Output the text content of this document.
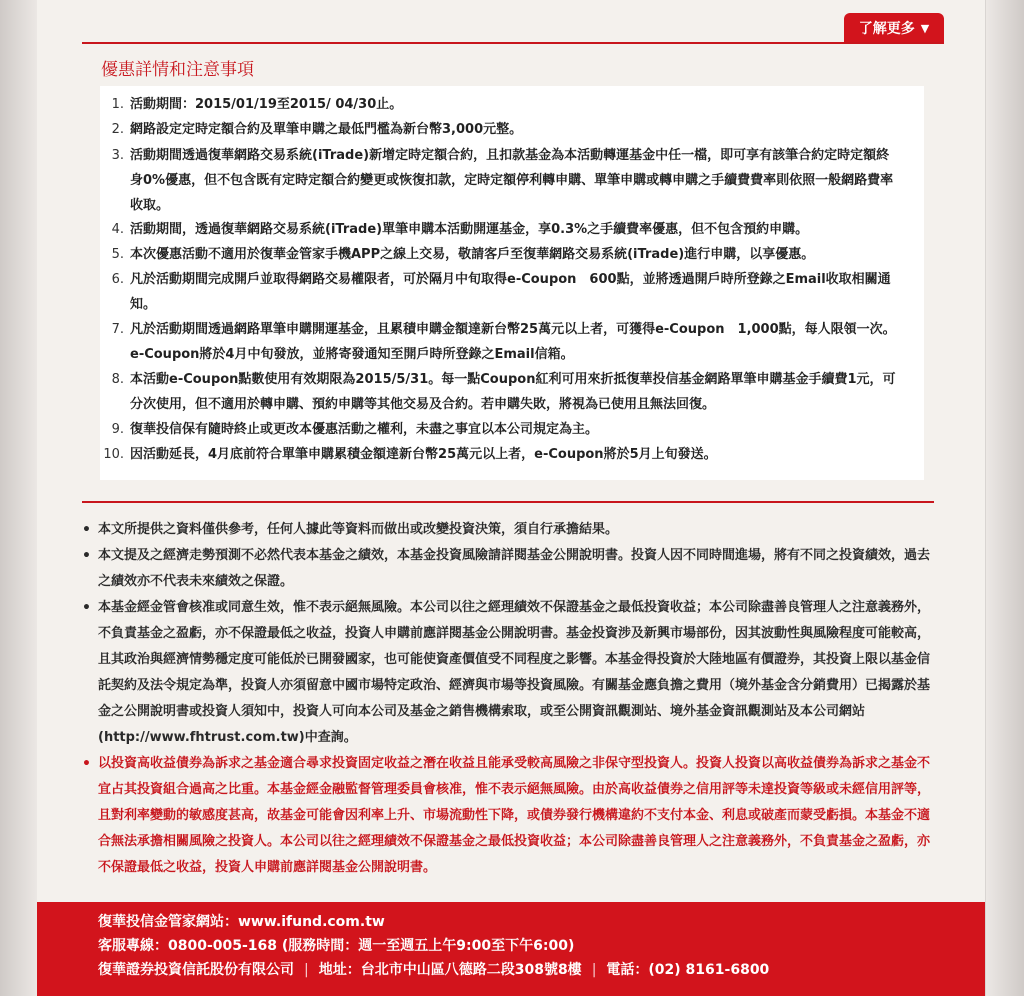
了解更多 ▼
優惠詳情和注意事項
1. 活動期間：2015/01/19至2015/ 04/30止。
2. 網路設定定時定額合約及單筆申購之最低門檻為新台幣3,000元整。
3. 活動期間透過復華網路交易系統(iTrade)新增定時定額合約，且扣款基金為本活動轉運基金中任一檔，即可享有該筆合約定時定額終身0%優惠，但不包含既有定時定額合約變更或恢復扣款，定時定額停利轉申購、單筆申購或轉申購之手續費費率則依照一般網路費率收取。
4. 活動期間，透過復華網路交易系統(iTrade)單筆申購本活動開運基金，享0.3%之手續費率優惠，但不包含預約申購。
5. 本次優惠活動不適用於復華金管家手機APP之線上交易，敬請客戶至復華網路交易系統(iTrade)進行申購，以享優惠。
6. 凡於活動期間完成開戶並取得網路交易權限者，可於隔月中旬取得e-Coupon　600點，並將透過開戶時所登錄之Email收取相關通知。
7. 凡於活動期間透過網路單筆申購開運基金，且累積申購金額達新台幣25萬元以上者，可獲得e-Coupon　1,000點，每人限領一次。e-Coupon將於4月中旬發放，並將寄發通知至開戶時所登錄之Email信箱。
8. 本活動e-Coupon點數使用有效期限為2015/5/31。每一點Coupon紅利可用來折抵復華投信基金網路單筆申購基金手續費1元，可分次使用，但不適用於轉申購、預約申購等其他交易及合約。若申購失敗，將視為已使用且無法回復。
9. 復華投信保有隨時終止或更改本優惠活動之權利，未盡之事宜以本公司規定為主。
10. 因活動延長，4月底前符合單筆申購累積金額達新台幣25萬元以上者，e-Coupon將於5月上旬發送。
• 本文所提供之資料僅供參考，任何人據此等資料而做出或改變投資決策，須自行承擔結果。
• 本文提及之經濟走勢預測不必然代表本基金之績效，本基金投資風險請詳閱基金公開說明書。投資人因不同時間進場，將有不同之投資績效，過去之績效亦不代表未來績效之保證。
• 本基金經金管會核准或同意生效，惟不表示絕無風險。本公司以往之經理績效不保證基金之最低投資收益；本公司除盡善良管理人之注意義務外，不負責基金之盈虧，亦不保證最低之收益，投資人申購前應詳閱基金公開說明書。基金投資涉及新興市場部份，因其波動性與風險程度可能較高，且其政治與經濟情勢穩定度可能低於已開發國家，也可能使資產價值受不同程度之影響。本基金得投資於大陸地區有價證券，其投資上限以基金信託契約及法令規定為準，投資人亦須留意中國市場特定政治、經濟與市場等投資風險。有關基金應負擔之費用（境外基金含分銷費用）已揭露於基金之公開說明書或投資人須知中，投資人可向本公司及基金之銷售機構索取，或至公開資訊觀測站、境外基金資訊觀測站及本公司網站(http://www.fhtrust.com.tw)中查詢。
• 以投資高收益債券為訴求之基金適合尋求投資固定收益之潛在收益且能承受較高風險之非保守型投資人。投資人投資以高收益債券為訴求之基金不宜占其投資組合過高之比重。本基金經金融監督管理委員會核准，惟不表示絕無風險。由於高收益債券之信用評等未達投資等級或未經信用評等，且對利率變動的敏感度甚高，故基金可能會因利率上升、市場流動性下降，或債券發行機構違約不支付本金、利息或破產而蒙受虧損。本基金不適合無法承擔相關風險之投資人。本公司以往之經理績效不保證基金之最低投資收益；本公司除盡善良管理人之注意義務外，不負責基金之盈虧，亦不保證最低之收益，投資人申購前應詳閱基金公開說明書。
復華投信金管家網站：www.ifund.com.tw
客服專線：0800-005-168 (服務時間：週一至週五上午9:00至下午6:00)
復華證券投資信託股份有限公司 | 地址：台北市中山區八德路二段308號8樓 | 電話：(02) 8161-6800
